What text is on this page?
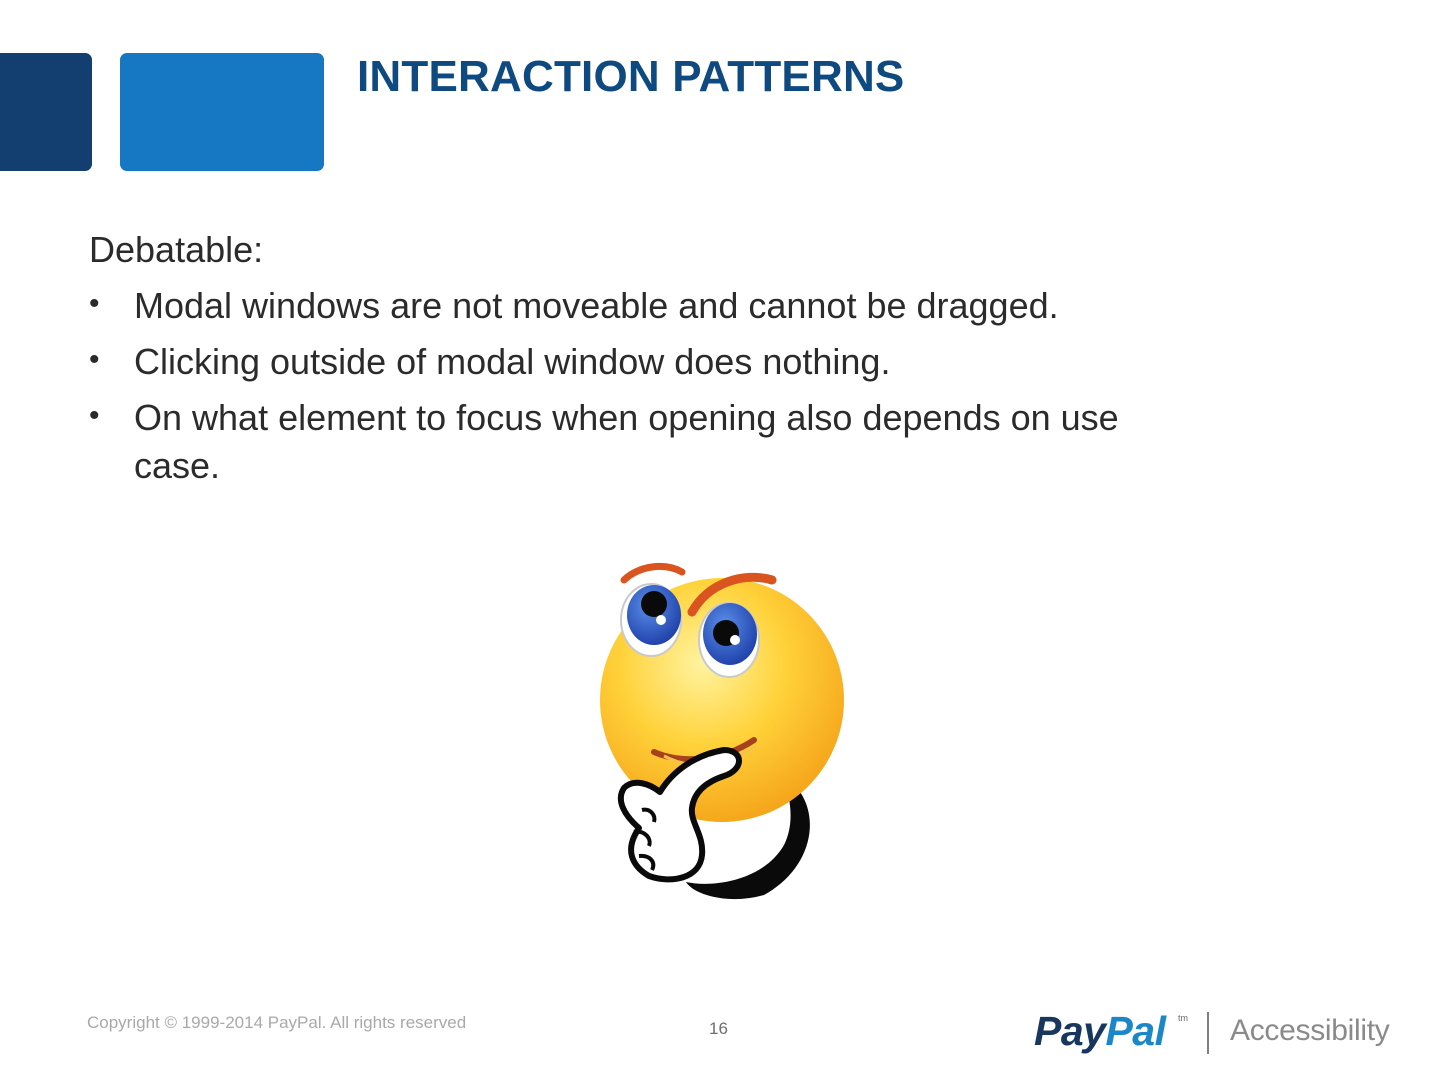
INTERACTION PATTERNS

Debatable:

• Modal windows are not moveable and cannot be dragged.
• Clicking outside of modal window does nothing.
• On what element to focus when opening also depends on use case.
Copyright © 1999-2014 PayPal. All rights reserved	16	PayPal tm Accessibility
